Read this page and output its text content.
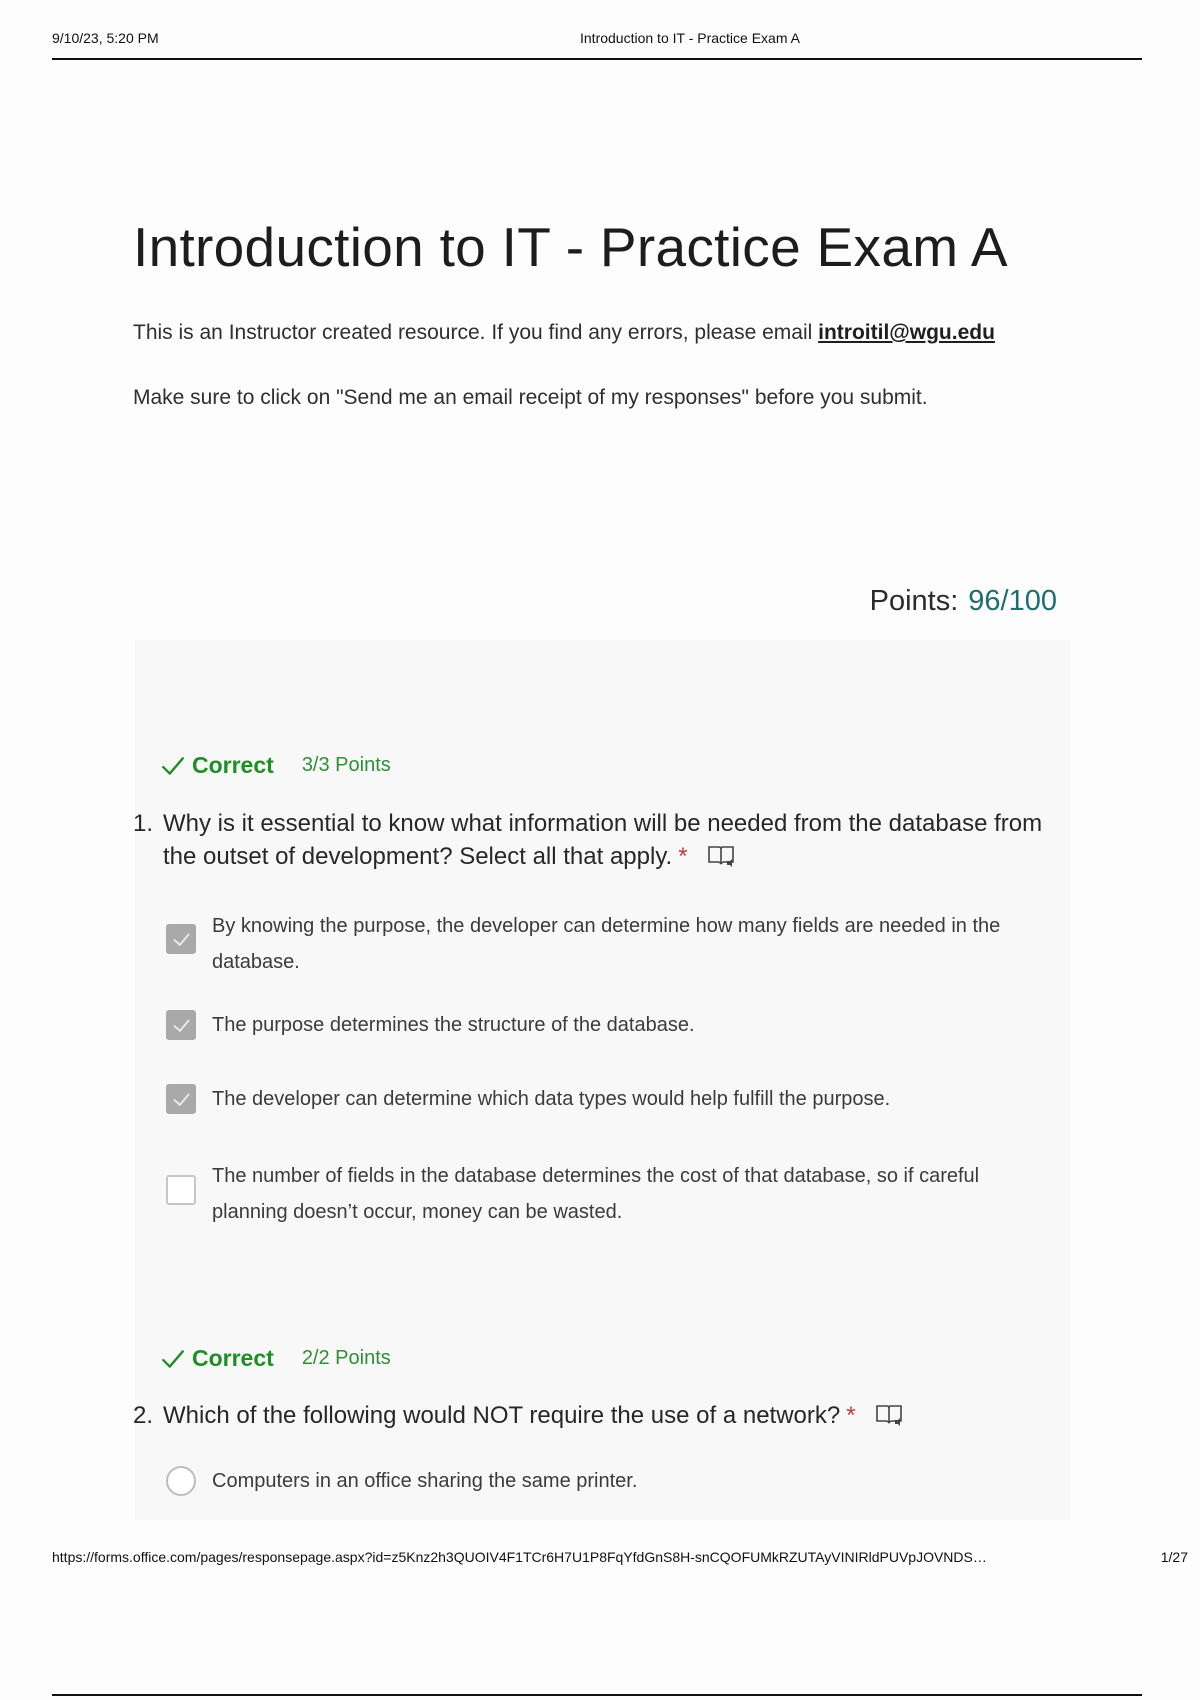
9/10/23, 5:20 PM	Introduction to IT - Practice Exam A
Introduction to IT - Practice Exam A

This is an Instructor created resource. If you find any errors, please email introitil@wgu.edu

Make sure to click on "Send me an email receipt of my responses" before you submit.

Points: 96/100
Correct 3/3 Points
1. Why is it essential to know what information will be needed from the database from the outset of development? Select all that apply. *

By knowing the purpose, the developer can determine how many fields are needed in the database.

The purpose determines the structure of the database.

The developer can determine which data types would help fulfill the purpose.

The number of fields in the database determines the cost of that database, so if careful planning doesn’t occur, money can be wasted.

Correct 2/2 Points
2. Which of the following would NOT require the use of a network? *

Computers in an office sharing the same printer.

https://forms.office.com/pages/responsepage.aspx?id=z5Knz2h3QUOIV4F1TCr6H7U1P8FqYfdGnS8H-snCQOFUMkRZUTAyVINIRldPUVpJOVNDS…	1/27
